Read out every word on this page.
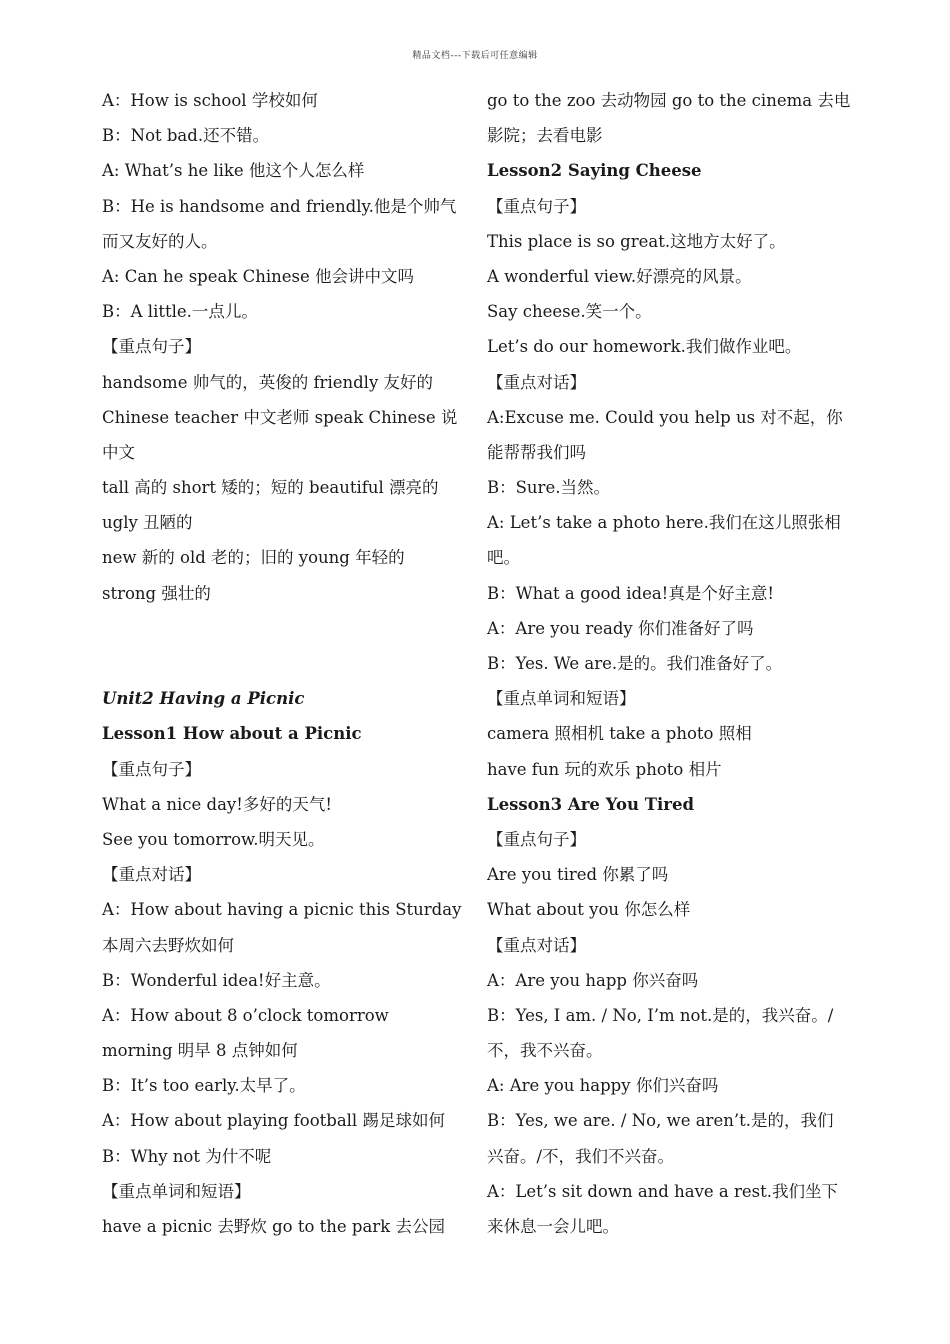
精品文档---下载后可任意编辑
A：How is school 学校如何
B：Not bad.还不错。
A: What’s he like 他这个人怎么样
B：He is handsome and friendly.他是个帅气
而又友好的人。
A: Can he speak Chinese 他会讲中文吗
B：A little.一点儿。
【重点句子】
handsome 帅气的，英俊的 friendly 友好的
Chinese teacher 中文老师 speak Chinese 说
中文
tall 高的 short 矮的；短的 beautiful 漂亮的
ugly 丑陋的
new 新的 old 老的；旧的 young 年轻的
strong 强壮的
Unit2 Having a Picnic
Lesson1 How about a Picnic
【重点句子】
What a nice day!多好的天气!
See you tomorrow.明天见。
【重点对话】
A：How about having a picnic this Sturday
本周六去野炊如何
B：Wonderful idea!好主意。
A：How about 8 o’clock tomorrow
morning 明早 8 点钟如何
B：It’s too early.太早了。
A：How about playing football 踢足球如何
B：Why not 为什不呢
【重点单词和短语】
have a picnic 去野炊 go to the park 去公园
go to the zoo 去动物园 go to the cinema 去电
影院；去看电影
Lesson2 Saying Cheese
【重点句子】
This place is so great.这地方太好了。
A wonderful view.好漂亮的风景。
Say cheese.笑一个。
Let’s do our homework.我们做作业吧。
【重点对话】
A:Excuse me. Could you help us 对不起，你
能帮帮我们吗
B：Sure.当然。
A: Let’s take a photo here.我们在这儿照张相
吧。
B：What a good idea!真是个好主意!
A：Are you ready 你们准备好了吗
B：Yes. We are.是的。我们准备好了。
【重点单词和短语】
camera 照相机 take a photo 照相
have fun 玩的欢乐 photo 相片
Lesson3 Are You Tired
【重点句子】
Are you tired 你累了吗
What about you 你怎么样
【重点对话】
A：Are you happ 你兴奋吗
B：Yes, I am. / No, I’m not.是的，我兴奋。/
不，我不兴奋。
A: Are you happy 你们兴奋吗
B：Yes, we are. / No, we aren’t.是的，我们
兴奋。/不，我们不兴奋。
A：Let’s sit down and have a rest.我们坐下
来休息一会儿吧。
